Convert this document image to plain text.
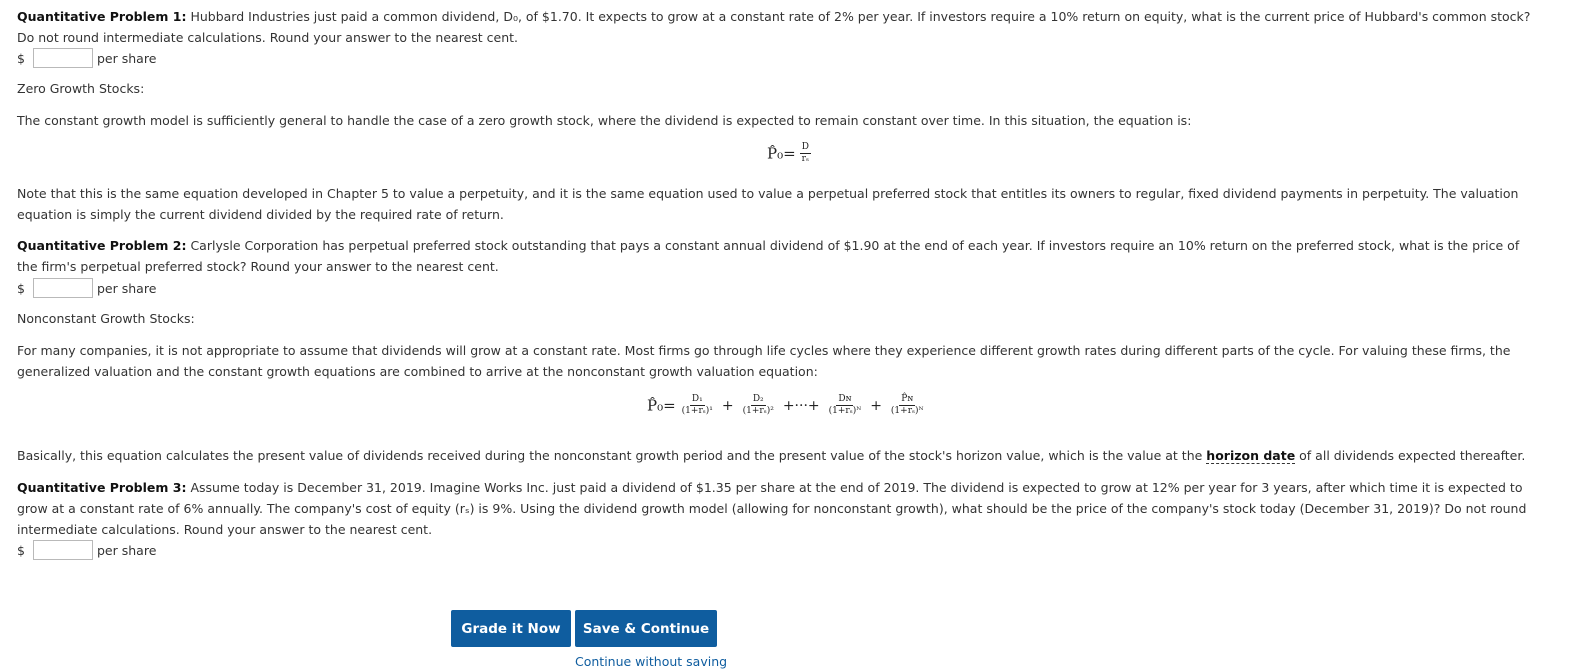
Quantitative Problem 1: Hubbard Industries just paid a common dividend, D₀, of $1.70. It expects to grow at a constant rate of 2% per year. If investors require a 10% return on equity, what is the current price of Hubbard's common stock? Do not round intermediate calculations. Round your answer to the nearest cent.

$	per share

Zero Growth Stocks:

The constant growth model is sufficiently general to handle the case of a zero growth stock, where the dividend is expected to remain constant over time. In this situation, the equation is:

P̂₀= $\frac{D}{\text{rₛ}}$

Note that this is the same equation developed in Chapter 5 to value a perpetuity, and it is the same equation used to value a perpetual preferred stock that entitles its owners to regular, fixed dividend payments in perpetuity. The valuation equation is simply the current dividend divided by the required rate of return.

Quantitative Problem 2: Carlysle Corporation has perpetual preferred stock outstanding that pays a constant annual dividend of $1.90 at the end of each year. If investors require an 10% return on the preferred stock, what is the price of the firm's perpetual preferred stock? Round your answer to the nearest cent.

$	per share

Nonconstant Growth Stocks:

For many companies, it is not appropriate to assume that dividends will grow at a constant rate. Most firms go through life cycles where they experience different growth rates during different parts of the cycle. For valuing these firms, the generalized valuation and the constant growth equations are combined to arrive at the nonconstant growth valuation equation:

P̂₀= $\frac{\text{D₁}}{\text{(1+rₛ)¹}} + \frac{\text{D₂}}{\text{(1+rₛ)²}}$ +···+ $\frac{\text{Dɴ}}{\text{(1+rₛ)ᴺ}} + \frac{\text{P̂ɴ}}{\text{(1+rₛ)ᴺ}}$

Basically, this equation calculates the present value of dividends received during the nonconstant growth period and the present value of the stock's horizon value, which is the value at the horizon date of all dividends expected thereafter.

Quantitative Problem 3: Assume today is December 31, 2019. Imagine Works Inc. just paid a dividend of $1.35 per share at the end of 2019. The dividend is expected to grow at 12% per year for 3 years, after which time it is expected to grow at a constant rate of 6% annually. The company's cost of equity (rₛ) is 9%. Using the dividend growth model (allowing for nonconstant growth), what should be the price of the company's stock today (December 31, 2019)? Do not round intermediate calculations. Round your answer to the nearest cent.

$	per share
Grade it Now	Save & Continue
Continue without saving
